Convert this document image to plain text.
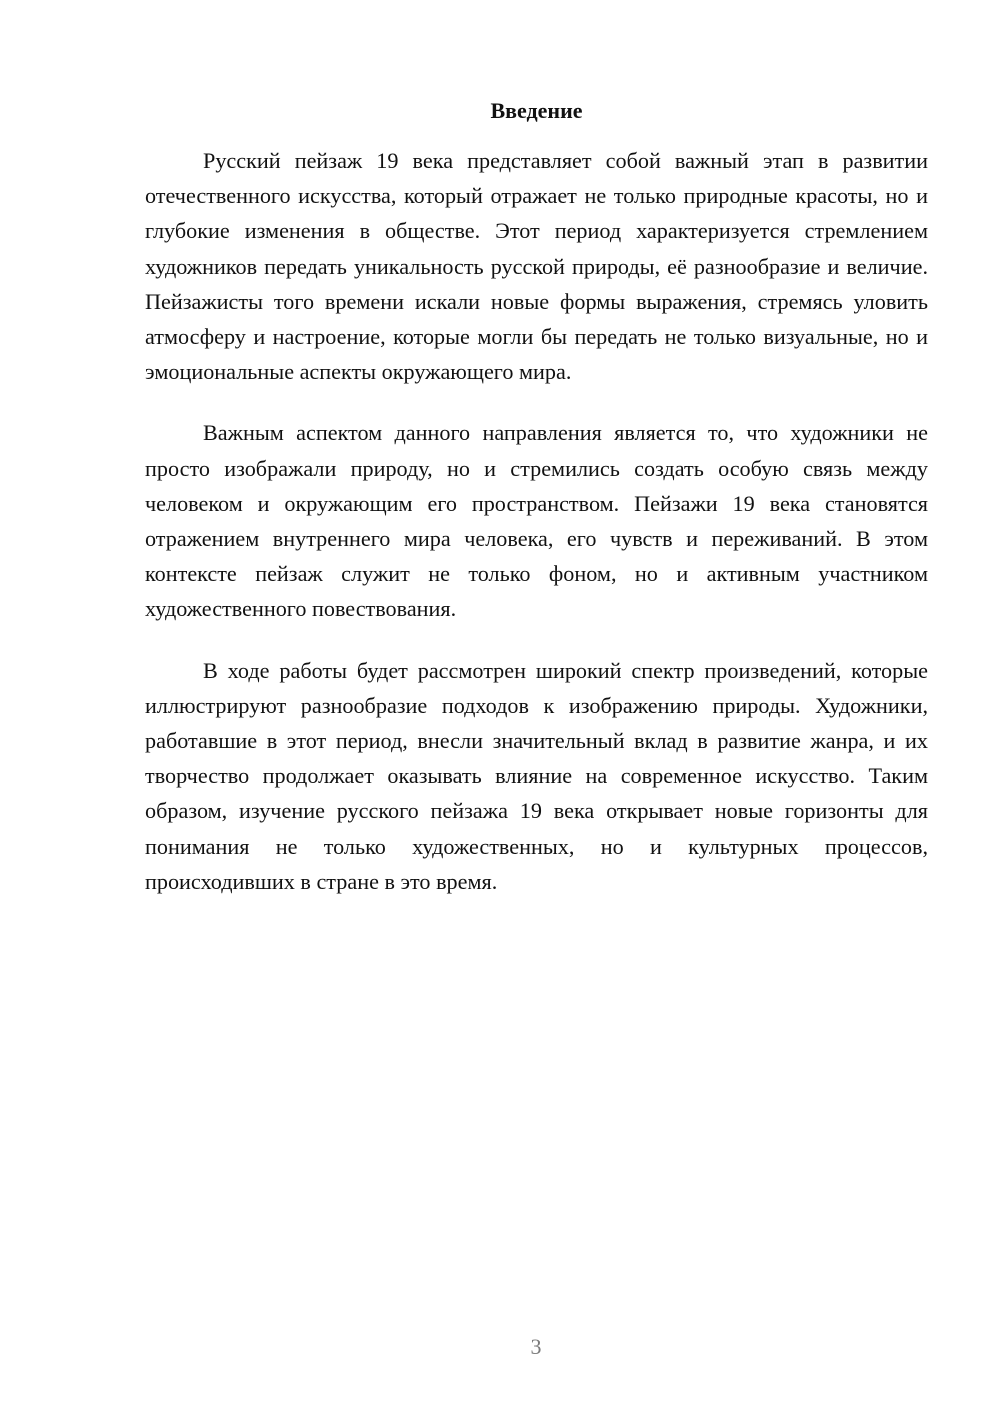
Введение

Русский пейзаж 19 века представляет собой важный этап в развитии отечественного искусства, который отражает не только природные красоты, но и глубокие изменения в обществе. Этот период характеризуется стремлением художников передать уникальность русской природы, её разнообразие и величие. Пейзажисты того времени искали новые формы выражения, стремясь уловить атмосферу и настроение, которые могли бы передать не только визуальные, но и эмоциональные аспекты окружающего мира.

Важным аспектом данного направления является то, что художники не просто изображали природу, но и стремились создать особую связь между человеком и окружающим его пространством. Пейзажи 19 века становятся отражением внутреннего мира человека, его чувств и переживаний. В этом контексте пейзаж служит не только фоном, но и активным участником художественного повествования.

В ходе работы будет рассмотрен широкий спектр произведений, которые иллюстрируют разнообразие подходов к изображению природы. Художники, работавшие в этот период, внесли значительный вклад в развитие жанра, и их творчество продолжает оказывать влияние на современное искусство. Таким образом, изучение русского пейзажа 19 века открывает новые горизонты для понимания не только художественных, но и культурных процессов, происходивших в стране в это время.

3
